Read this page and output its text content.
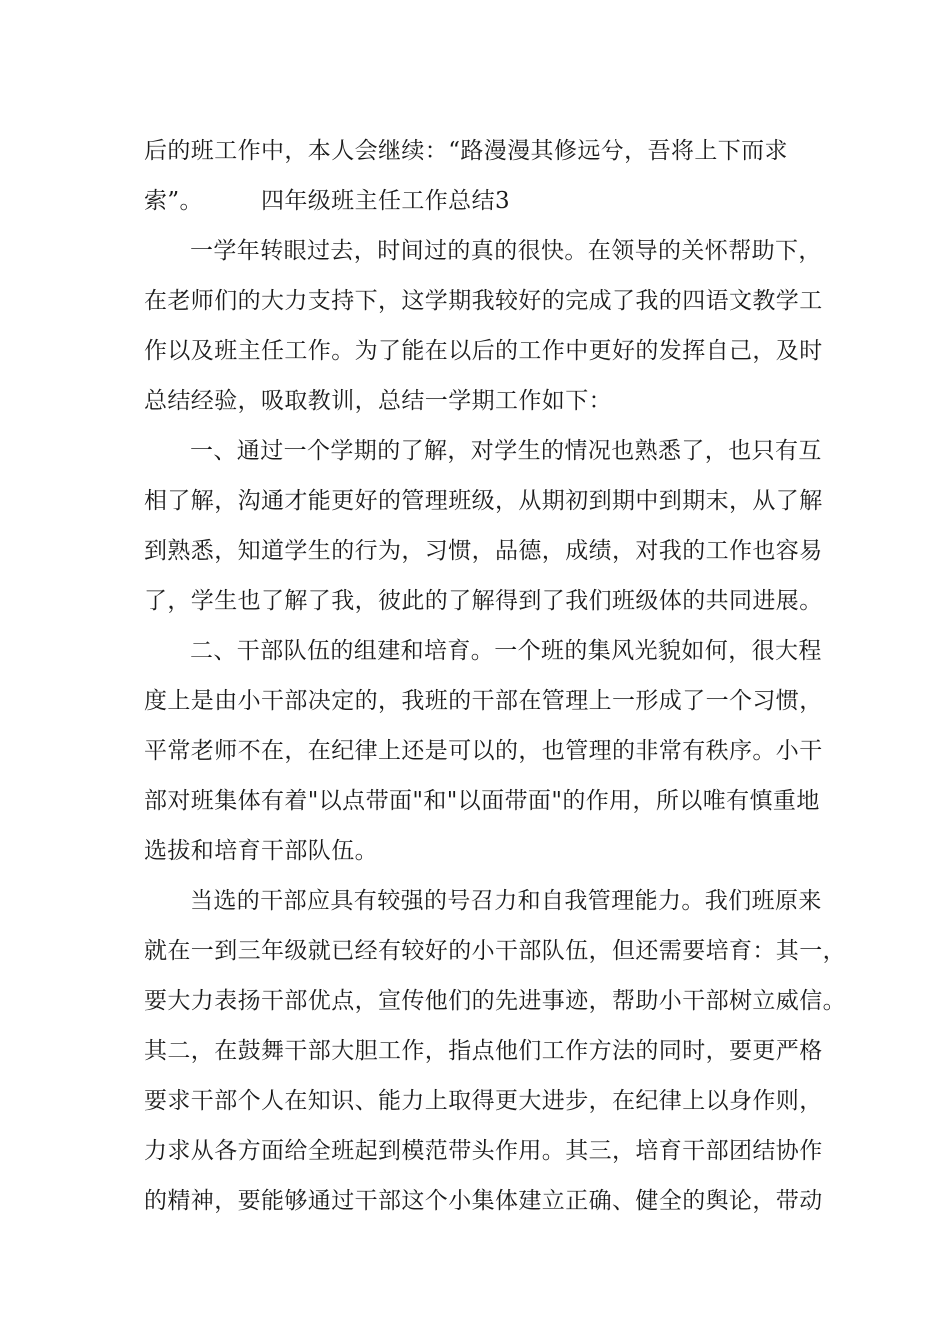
后的班工作中，本人会继续：“路漫漫其修远兮，吾将上下而求
索”。	四年级班主任工作总结3
一学年转眼过去，时间过的真的很快。在领导的关怀帮助下，
在老师们的大力支持下，这学期我较好的完成了我的四语文教学工
作以及班主任工作。为了能在以后的工作中更好的发挥自己，及时
总结经验，吸取教训，总结一学期工作如下：
一、通过一个学期的了解，对学生的情况也熟悉了，也只有互
相了解，沟通才能更好的管理班级，从期初到期中到期末，从了解
到熟悉，知道学生的行为，习惯，品德，成绩，对我的工作也容易
了，学生也了解了我，彼此的了解得到了我们班级体的共同进展。
二、干部队伍的组建和培育。一个班的集风光貌如何，很大程
度上是由小干部决定的，我班的干部在管理上一形成了一个习惯，
平常老师不在，在纪律上还是可以的，也管理的非常有秩序。小干
部对班集体有着"以点带面"和"以面带面"的作用，所以唯有慎重地
选拔和培育干部队伍。
当选的干部应具有较强的号召力和自我管理能力。我们班原来
就在一到三年级就已经有较好的小干部队伍，但还需要培育：其一，
要大力表扬干部优点，宣传他们的先进事迹，帮助小干部树立威信。
其二，在鼓舞干部大胆工作，指点他们工作方法的同时，要更严格
要求干部个人在知识、能力上取得更大进步，在纪律上以身作则，
力求从各方面给全班起到模范带头作用。其三，培育干部团结协作
的精神，要能够通过干部这个小集体建立正确、健全的舆论，带动
